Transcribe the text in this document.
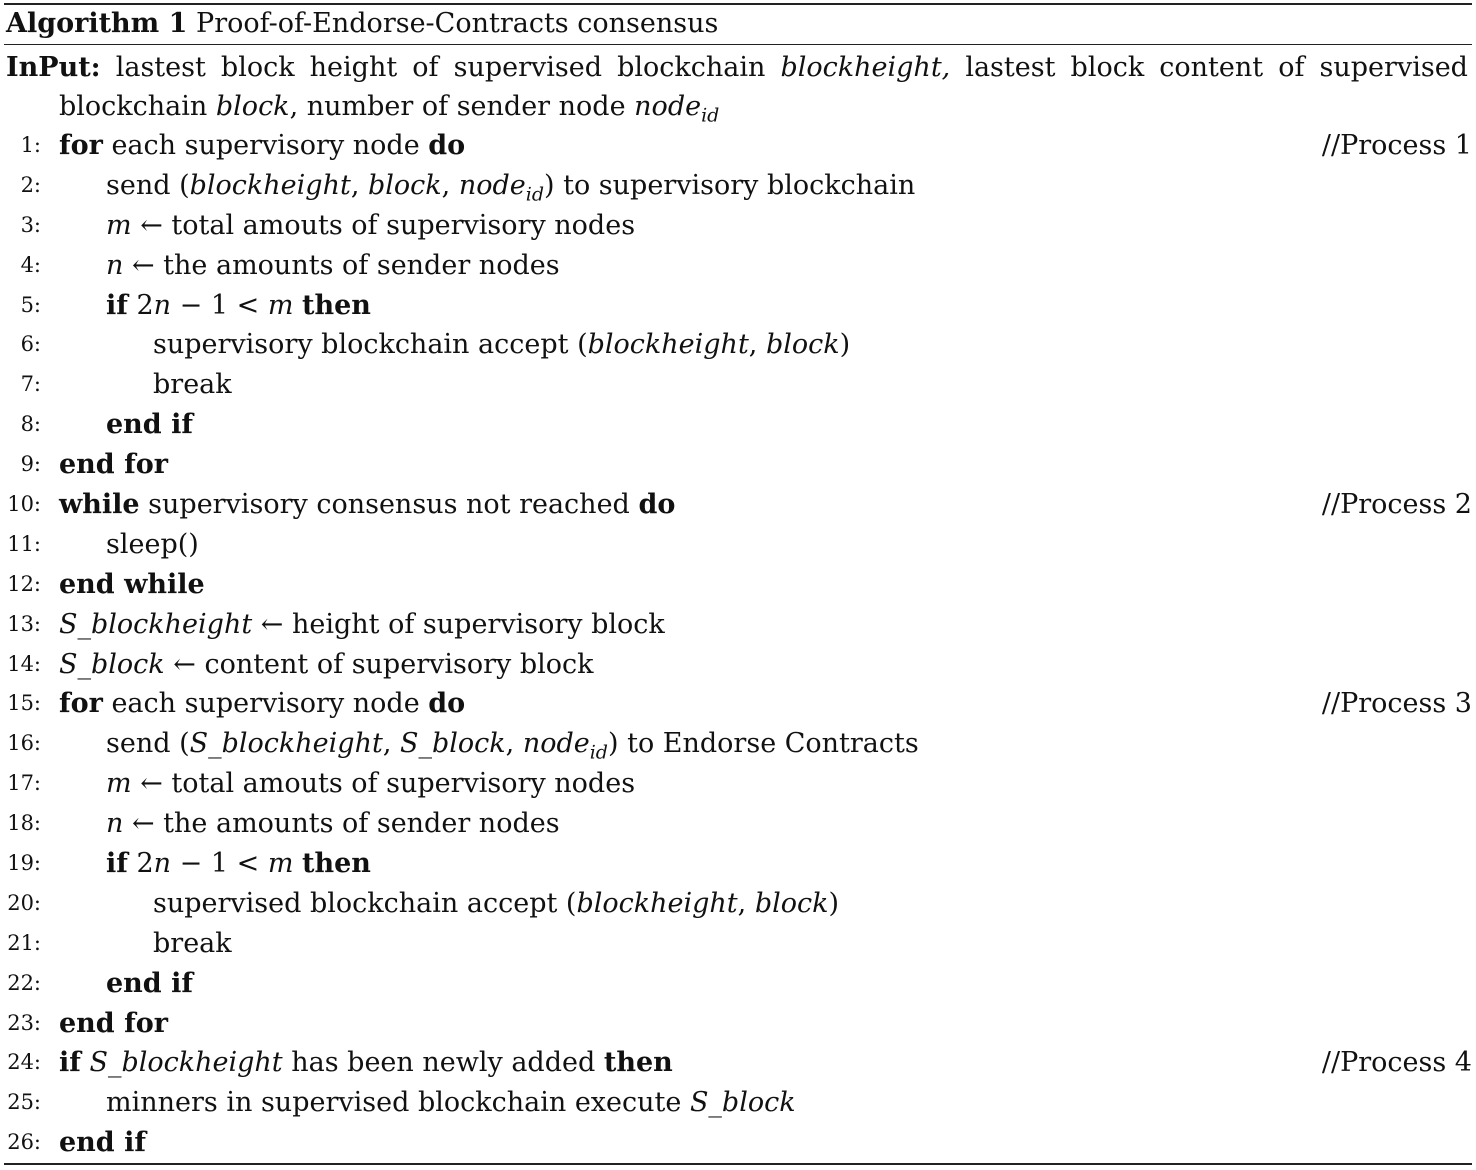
Algorithm 1 Proof-of-Endorse-Contracts consensus
InPut: lastest block height of supervised blockchain blockheight, lastest block content of supervised
blockchain block, number of sender node node$_{id}$
1: for each supervisory node do	//Process 1
2: send (blockheight, block, node$_{id}$) to supervisory blockchain
3: m ← total amouts of supervisory nodes
4: n ← the amounts of sender nodes
5: if 2n − 1 < m then
6:	supervisory blockchain accept (blockheight, block)
7:	break
8: end if
9: end for
10: while supervisory consensus not reached do	//Process 2
11: sleep()
12: end while
13: S_blockheight ← height of supervisory block
14: S_block ← content of supervisory block
15: for each supervisory node do	//Process 3
16: send (S_blockheight, S_block, node$_{id}$) to Endorse Contracts
17: m ← total amouts of supervisory nodes
18: n ← the amounts of sender nodes
19: if 2n − 1 < m then
20:	supervised blockchain accept (blockheight, block)
21:	break
22: end if
23: end for
24: if S_blockheight has been newly added then	//Process 4
25: minners in supervised blockchain execute S_block
26: end if
